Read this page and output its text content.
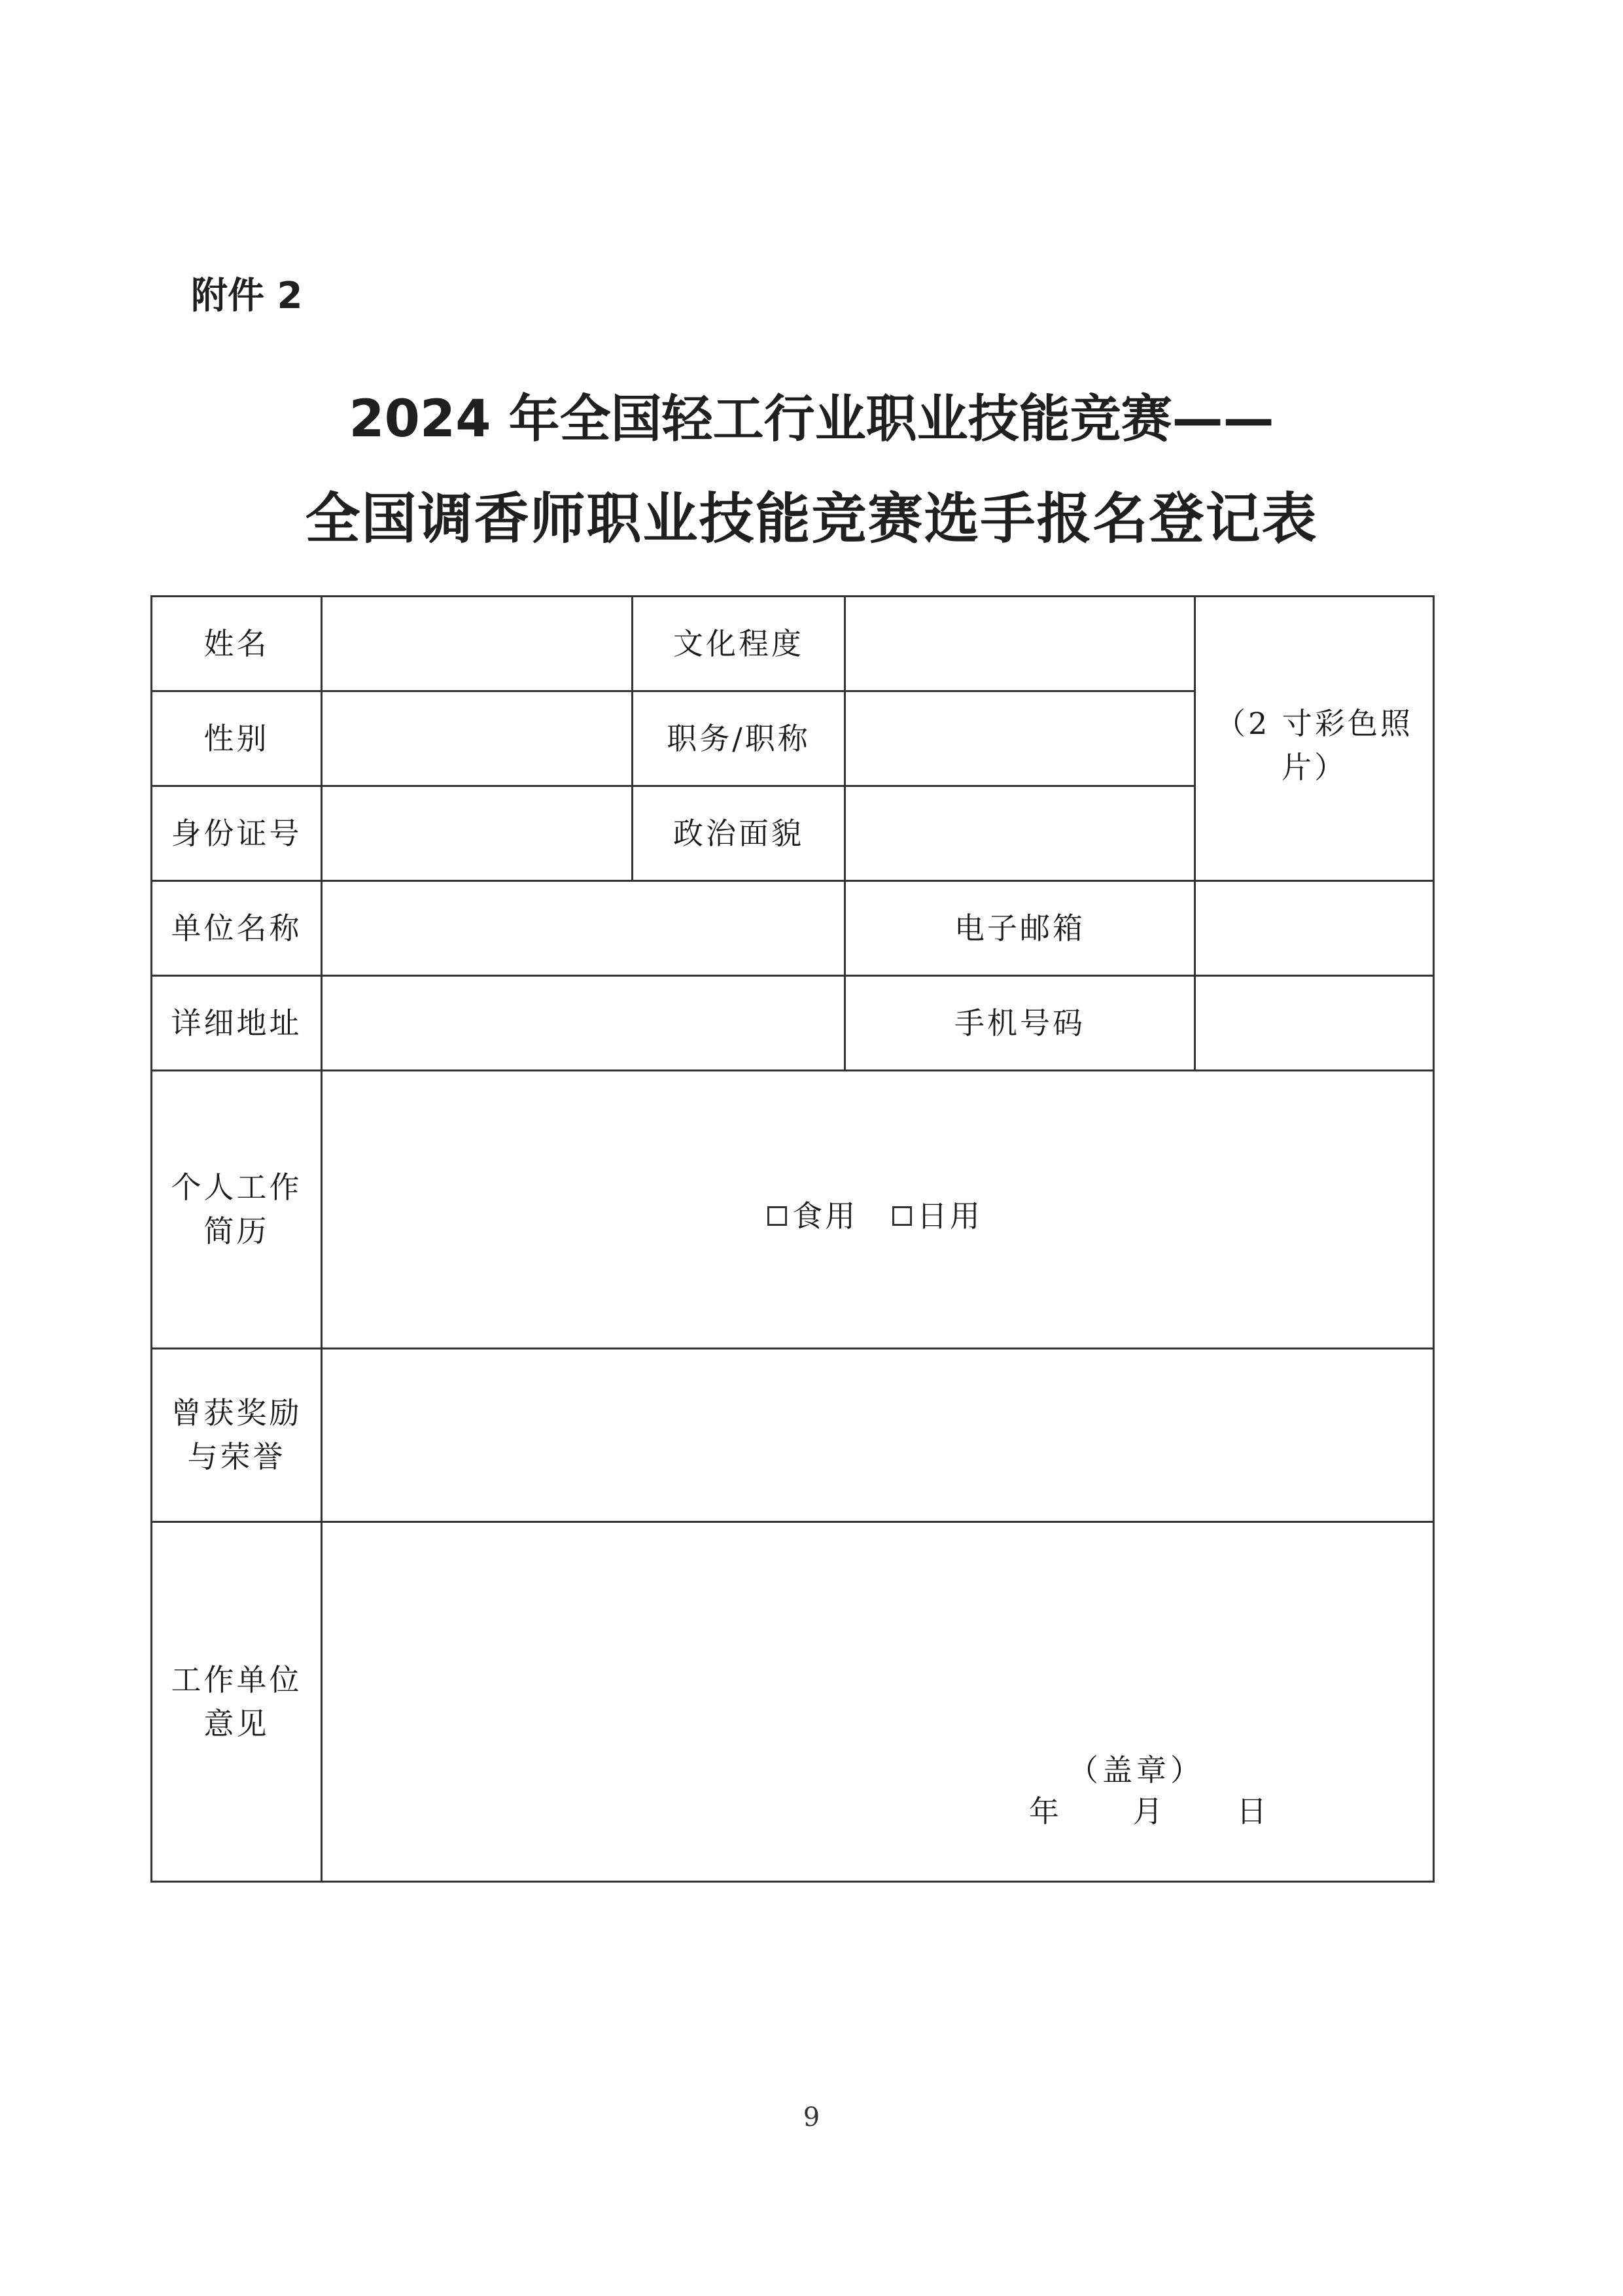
附件 2
2024 年全国轻工行业职业技能竞赛——
全国调香师职业技能竞赛选手报名登记表
姓名		文化程度		（2 寸彩色照片）
性别		职务/职称		
身份证号		政治面貌		
单位名称			电子邮箱	
详细地址			手机号码	
个人工作简历	食用
日用			

曾获奖励与荣誉				
工作单位意见	（盖章）
年 月 日			
9
